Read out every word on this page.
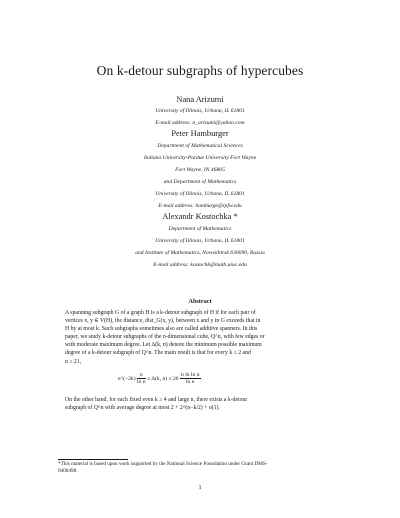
On k-detour subgraphs of hypercubes
Nana Arizumi
University of Illinois, Urbana, IL 61801
E-mail address: n_arizumi@yahoo.com
Peter Hamburger
Department of Mathematical Sciences
Indiana University-Purdue University Fort Wayne
Fort Wayne, IN 46805
and Department of Mathematics
University of Illinois, Urbana, IL 61801
E-mail address: hamburge@ipfw.edu
Alexandr Kostochka *
Department of Mathematics
University of Illinois, Urbana, IL 61801
and Institute of Mathematics, Novosibirsk 630090, Russia
E-mail address: kostochk@math.uiuc.edu
Abstract
A spanning subgraph G of a graph H is a k-detour subgraph of H if for each pair of
vertices x, y ∈ V(H), the distance, dist_G(x, y), between x and y in G exceeds that in
H by at most k. Such subgraphs sometimes also are called additive spanners. In this
paper, we study k-detour subgraphs of the n-dimensional cube, Q^n, with few edges or
with moderate maximum degree. Let Δ(k, n) denote the minimum possible maximum
degree of a k-detour subgraph of Q^n. The main result is that for every k ≥ 2 and
n ≥ 21,
e^(−2k) $\frac{n}{\text{ln n}} \le \Delta(k$, $n) \le 20 \frac{\text{n ln ln n}}{\text{ln n}}$ .
On the other hand, for each fixed even k ≥ 4 and large n, there exists a k-detour
subgraph of Q^n with average degree at most 2 + 2^(n−k/2) + o(1).
*This material is based upon work supported by the National Science Foundation under Grant DMS-
0400498.
1
